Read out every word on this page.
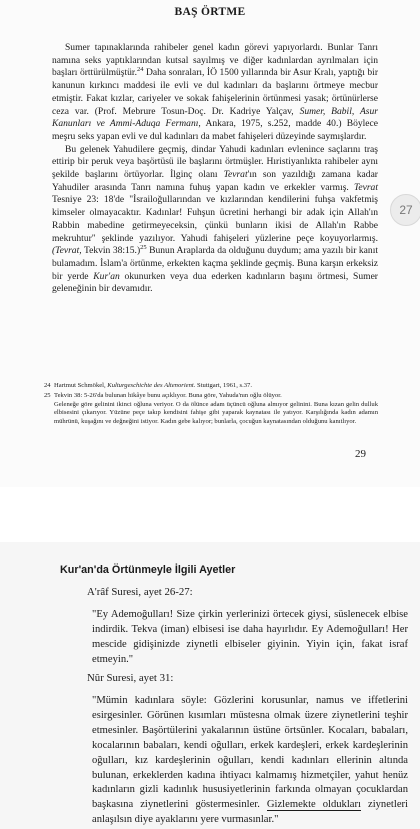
BAŞ ÖRTME

Sumer tapınaklarında rahibeler genel kadın görevi yapıyorlardı. Bunlar Tanrı namına seks yaptıklarından kutsal sayılmış ve diğer kadınlardan ayrılmaları için başları örttürülmüştür.$^{24}$ Daha sonraları, İÖ 1500 yıllarında bir Asur Kralı, yaptığı bir kanunun kırkıncı maddesi ile evli ve dul kadınları da başlarını örtmeye mecbur etmiştir. Fakat kızlar, cariyeler ve sokak fahişelerinin örtünmesi yasak; örtünürlerse ceza var. (Prof. Mebrure Tosun-Doç. Dr. Kadriye Yalçav, Sumer, Babil, Asur Kanunları ve Ammi-Aduqa Fermanı, Ankara, 1975, s.252, madde 40.) Böylece meşru seks yapan evli ve dul kadınları da mabet fahişeleri düzeyinde saymışlardır.

Bu gelenek Yahudilere geçmiş, dindar Yahudi kadınları evlenince saçlarını traş ettirip bir peruk veya başörtüsü ile başlarını örtmüşler. Hıristiyanlıkta rahibeler aynı şekilde başlarını örtüyorlar. İlginç olanı Tevrat'ın son yazıldığı zamana kadar Yahudiler arasında Tanrı namına fuhuş yapan kadın ve erkekler varmış. Tevrat Tesniye 23: 18'de "İsrailoğullarından ve kızlarından kendilerini fuhşa vakfetmiş kimseler olmayacaktır. Kadınlar! Fuhşun ücretini herhangi bir adak için Allah'ın Rabbin mabedine getirmeyeceksin, çünkü bunların ikisi de Allah'ın Rabbe mekruhtur" şeklinde yazılıyor. Yahudi fahişeleri yüzlerine peçe koyuyorlarmış. (Tevrat, Tekvin 38:15.)$^{25}$ Bunun Araplarda da olduğunu duydum; ama yazılı bir kanıt bulamadım. İslam'a örtünme, erkekten kaçma şeklinde geçmiş. Buna karşın erkeksiz bir yerde Kur'an okunurken veya dua ederken kadınların başını örtmesi, Sumer geleneğinin bir devamıdır.

24 Hartmut Schmökel, Kulturgeschichte des Altenorient. Stuttgart, 1961, s.37.
25 Tekvin 38: 5-26'da bulunan hikâye bunu açıklıyor. Buna göre, Yahuda'nın oğlu ölüyor.
Geleneğe göre gelinini ikinci oğluna veriyor. O da ölünce adam üçüncü oğluna almıyor gelinini. Buna kızan gelin dulluk elbisesini çıkarıyor. Yüzüne peçe takıp kendisini fahişe gibi yaparak kaynatası ile yatıyor. Karşılığında kadın adamın mührünü, kuşağını ve değneğini istiyor. Kadın gebe kalıyor; bunlarla, çocuğun kaynatasından olduğunu kanıtlıyor.
29
27
Kur'an'da Örtünmeyle İlgili Ayetler
A'râf Suresi, ayet 26-27:

"Ey Ademoğulları! Size çirkin yerlerinizi örtecek giysi, süslenecek elbise indirdik. Tekva (iman) elbisesi ise daha hayırlıdır. Ey Ademoğulları! Her mescide gidişinizde ziynetli elbiseler giyinin. Yiyin için, fakat israf etmeyin."

Nûr Suresi, ayet 31:

"Mümin kadınlara söyle: Gözlerini korusunlar, namus ve iffetlerini esirgesinler. Görünen kısımları müstesna olmak üzere ziynetlerini teşhir etmesinler. Başörtülerini yakalarının üstüne örtsünler. Kocaları, babaları, kocalarının babaları, kendi oğulları, erkek kardeşleri, erkek kardeşlerinin oğulları, kız kardeşlerinin oğulları, kendi kadınları ellerinin altında bulunan, erkeklerden kadına ihtiyacı kalmamış hizmetçiler, yahut henüz kadınların gizli kadınlık hususiyetlerinin farkında olmayan çocuklardan başkasına ziynetlerini göstermesinler. Gizlemekte oldukları ziynetleri anlaşılsın diye ayaklarını yere vurmasınlar."
